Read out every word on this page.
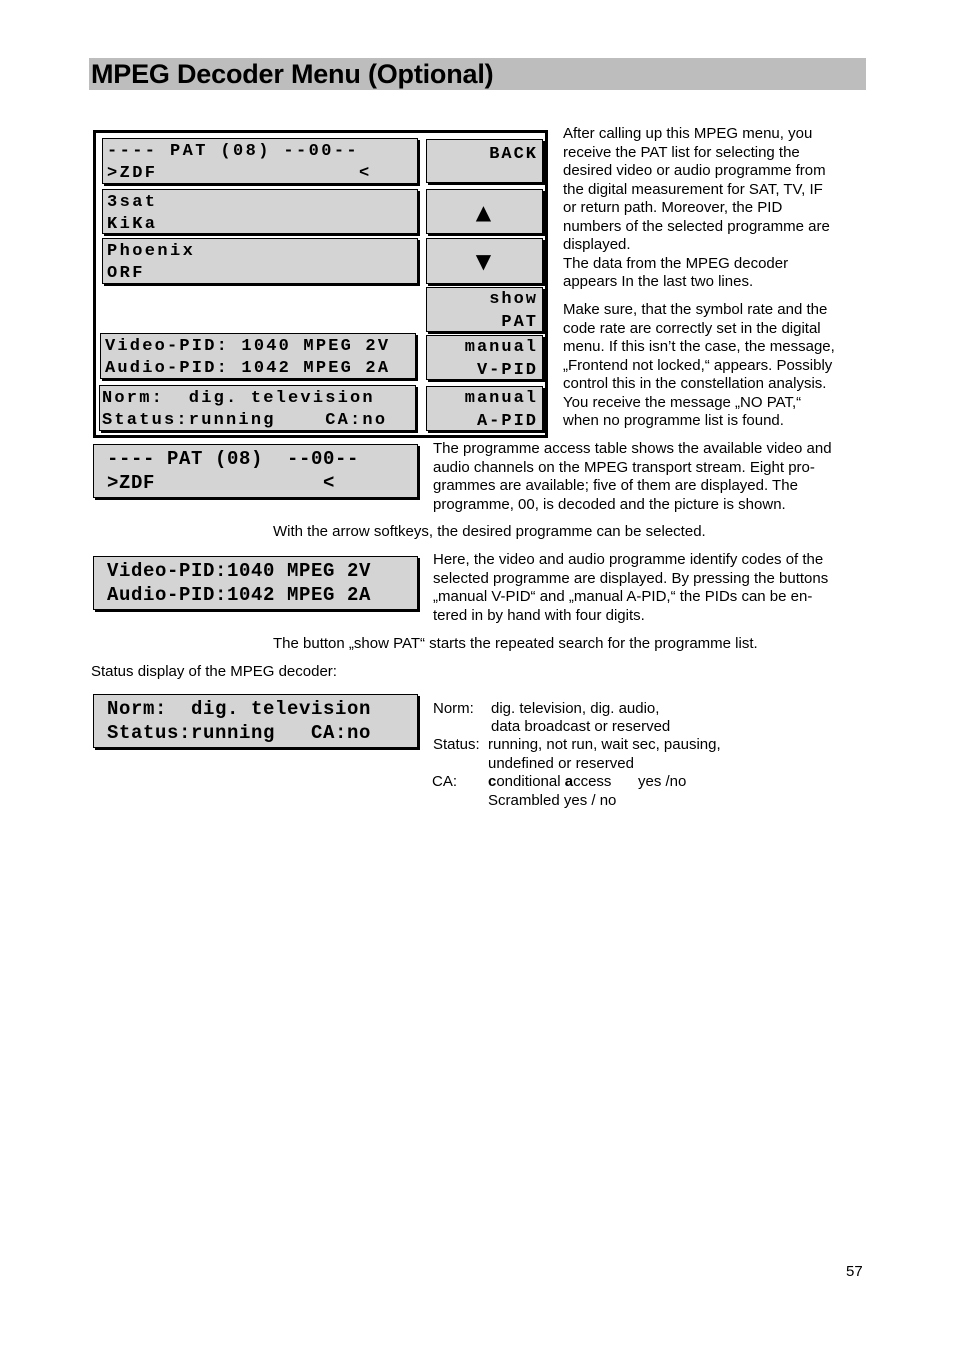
MPEG Decoder Menu (Optional)
---- PAT (08) --00--
>ZDF                <
3sat
KiKa
Phoenix
ORF
Video-PID: 1040 MPEG 2V
Audio-PID: 1042 MPEG 2A
Norm:  dig. television
Status:running    CA:no
BACK
▲
▼
show
PAT
manual
V-PID
manual
A-PID
After calling up this MPEG menu, you
receive the PAT list for selecting the
desired video or audio programme from
the digital measurement for SAT, TV, IF
or return path. Moreover, the PID
numbers of the selected programme are
displayed.
The data from the MPEG decoder
appears In the last two lines.
Make sure, that the symbol rate and the
code rate are correctly set in the digital
menu. If this isn’t the case, the message,
„Frontend not locked,“ appears. Possibly
control this in the constellation analysis.
You receive the message „NO PAT,“
when no programme list is found.
---- PAT (08)  --00--
>ZDF              <
The programme access table shows the available video and
audio channels on the MPEG transport stream. Eight pro-
grammes are available; five of them are displayed. The
programme, 00, is decoded and the picture is shown.
With the arrow softkeys, the desired programme can be selected.
Video-PID:1040 MPEG 2V
Audio-PID:1042 MPEG 2A
Here, the video and audio programme identify codes of the
selected programme are displayed. By pressing the buttons
„manual V-PID“ and „manual A-PID,“ the PIDs can be en-
tered in by hand with four digits.
The button „show PAT“ starts the repeated search for the programme list.
Status display of the MPEG decoder:
Norm:  dig. television
Status:running   CA:no
Norm: dig. television, dig. audio,
data broadcast or reserved
Status: running, not run, wait sec, pausing,
undefined or reserved
CA: conditional access yes /no
Scrambled yes / no
57
